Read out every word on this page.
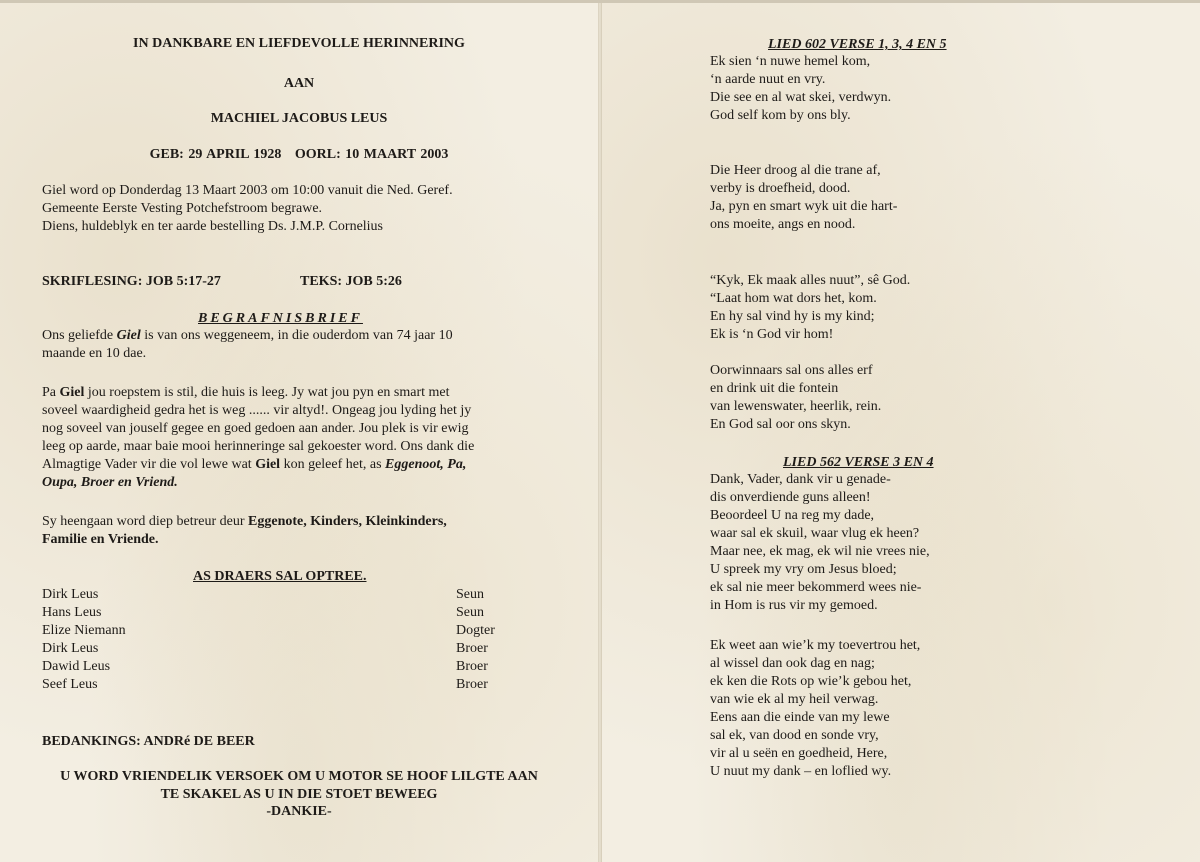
IN DANKBARE EN LIEFDEVOLLE HERINNERING
AAN
MACHIEL JACOBUS LEUS
GEB: 29 APRIL 1928   OORL: 10 MAART 2003
Giel word op Donderdag 13 Maart 2003 om 10:00 vanuit die Ned. Geref.
Gemeente Eerste Vesting Potchefstroom begrawe.
Diens, huldeblyk en ter aarde bestelling Ds. J.M.P. Cornelius
SKRIFLESING: JOB 5:17-27	TEKS: JOB 5:26
BEGRAFNISBRIEF
Ons geliefde Giel is van ons weggeneem, in die ouderdom van 74 jaar 10
maande en 10 dae.
Pa Giel jou roepstem is stil, die huis is leeg. Jy wat jou pyn en smart met
soveel waardigheid gedra het is weg ...... vir altyd!. Ongeag jou lyding het jy
nog soveel van jouself gegee en goed gedoen aan ander. Jou plek is vir ewig
leeg op aarde, maar baie mooi herinneringe sal gekoester word. Ons dank die
Almagtige Vader vir die vol lewe wat Giel kon geleef het, as Eggenoot, Pa,
Oupa, Broer en Vriend.
Sy heengaan word diep betreur deur Eggenote, Kinders, Kleinkinders,
Familie en Vriende.
AS DRAERS SAL OPTREE.
Dirk Leus	Seun
Hans Leus	Seun
Elize Niemann	Dogter
Dirk Leus	Broer
Dawid Leus	Broer
Seef Leus	Broer
BEDANKINGS: ANDRé DE BEER
U WORD VRIENDELIK VERSOEK OM U MOTOR SE HOOF LILGTE AAN
TE SKAKEL AS U IN DIE STOET BEWEEG
-DANKIE-
LIED 602 VERSE 1, 3, 4 EN 5
Ek sien ‘n nuwe hemel kom,
‘n aarde nuut en vry.
Die see en al wat skei, verdwyn.
God self kom by ons bly.
Die Heer droog al die trane af,
verby is droefheid, dood.
Ja, pyn en smart wyk uit die hart-
ons moeite, angs en nood.
“Kyk, Ek maak alles nuut”, sê God.
“Laat hom wat dors het, kom.
En hy sal vind hy is my kind;
Ek is ‘n God vir hom!
Oorwinnaars sal ons alles erf
en drink uit die fontein
van lewenswater, heerlik, rein.
En God sal oor ons skyn.
LIED 562 VERSE 3 EN 4
Dank, Vader, dank vir u genade-
dis onverdiende guns alleen!
Beoordeel U na reg my dade,
waar sal ek skuil, waar vlug ek heen?
Maar nee, ek mag, ek wil nie vrees nie,
U spreek my vry om Jesus bloed;
ek sal nie meer bekommerd wees nie-
in Hom is rus vir my gemoed.
Ek weet aan wie’k my toevertrou het,
al wissel dan ook dag en nag;
ek ken die Rots op wie’k gebou het,
van wie ek al my heil verwag.
Eens aan die einde van my lewe
sal ek, van dood en sonde vry,
vir al u seën en goedheid, Here,
U nuut my dank – en loflied wy.
